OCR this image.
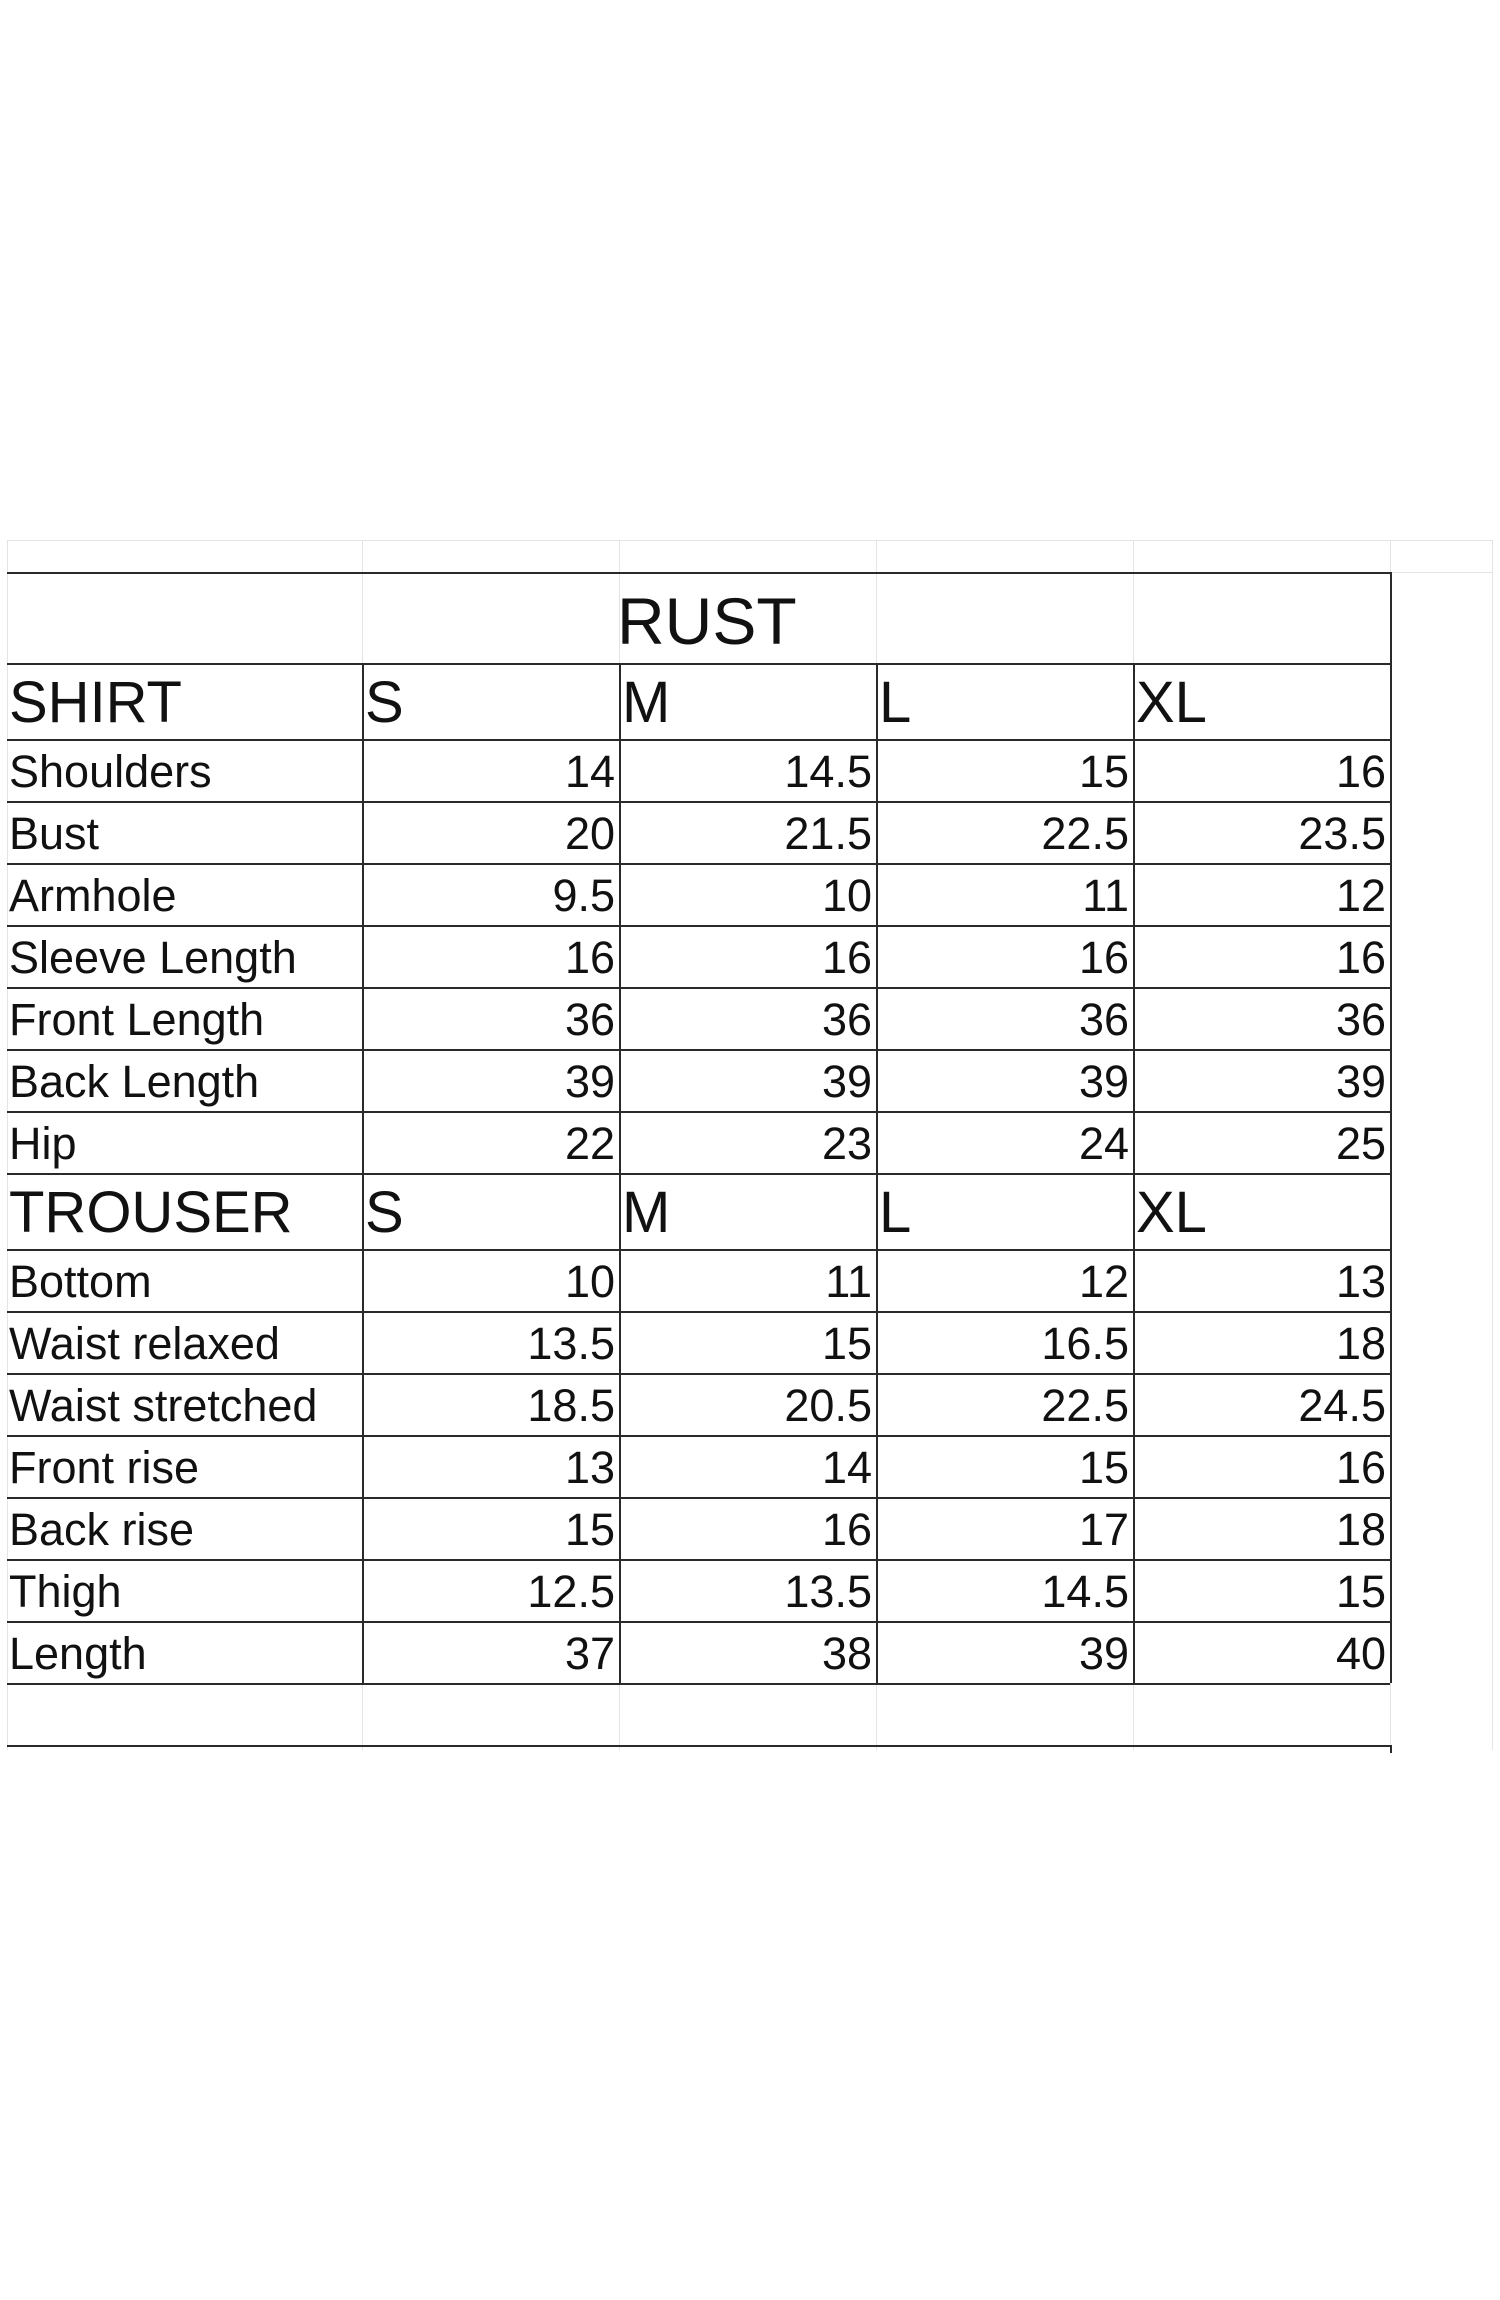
RUST
SHIRT	S	M	L	XL
Shoulders	14	14.5	15	16
Bust	20	21.5	22.5	23.5
Armhole	9.5	10	11	12
Sleeve Length	16	16	16	16
Front Length	36	36	36	36
Back Length	39	39	39	39
Hip	22	23	24	25
TROUSER S	M	L	XL
Bottom	10	11	12	13
Waist relaxed	13.5	15	16.5	18
Waist stretched	18.5	20.5	22.5	24.5
Front rise	13	14	15	16
Back rise	15	16	17	18
Thigh	12.5	13.5	14.5	15
Length	37	38	39	40
